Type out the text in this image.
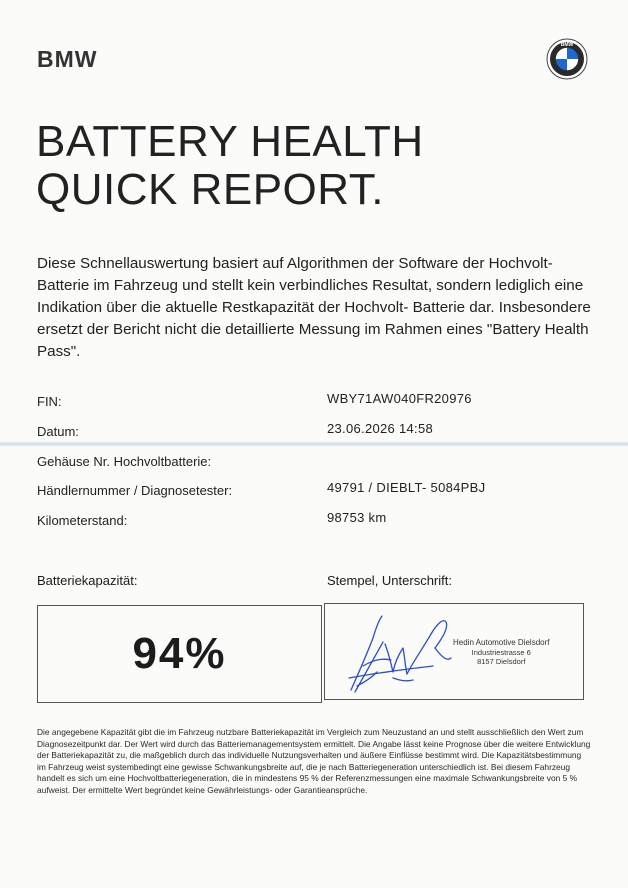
BMW
BMW
BATTERY HEALTH
QUICK REPORT.

Diese Schnellauswertung basiert auf Algorithmen der Software der Hochvolt- Batterie im Fahrzeug und stellt kein verbindliches Resultat, sondern lediglich eine Indikation über die aktuelle Restkapazität der Hochvolt- Batterie dar. Insbesondere ersetzt der Bericht nicht die detaillierte Messung im Rahmen eines "Battery Health Pass".

FIN:	WBY71AW040FR20976
Datum:	23.06.2026 14:58
Gehäuse Nr. Hochvoltbatterie:
Händlernummer / Diagnosetester:	49791 / DIEBLT- 5084PBJ
Kilometerstand:	98753 km
Batteriekapazität:	Stempel, Unterschrift:
94%	Hedin Automotive Dielsdorf
Industriestrasse 6
8157 Dielsdorf

Die angegebene Kapazität gibt die im Fahrzeug nutzbare Batteriekapazität im Vergleich zum Neuzustand an und stellt ausschließlich den Wert zum Diagnosezeitpunkt dar. Der Wert wird durch das Batteriemanagementsystem ermittelt. Die Angabe lässt keine Prognose über die weitere Entwicklung der Batteriekapazität zu, die maßgeblich durch das individuelle Nutzungsverhalten und äußere Einflüsse bestimmt wird. Die Kapazitätsbestimmung im Fahrzeug weist systembedingt eine gewisse Schwankungsbreite auf, die je nach Batteriegeneration unterschiedlich ist. Bei diesem Fahrzeug handelt es sich um eine Hochvoltbatteriegeneration, die in mindestens 95 % der Referenzmessungen eine maximale Schwankungsbreite von 5 % aufweist. Der ermittelte Wert begründet keine Gewährleistungs- oder Garantieansprüche.
